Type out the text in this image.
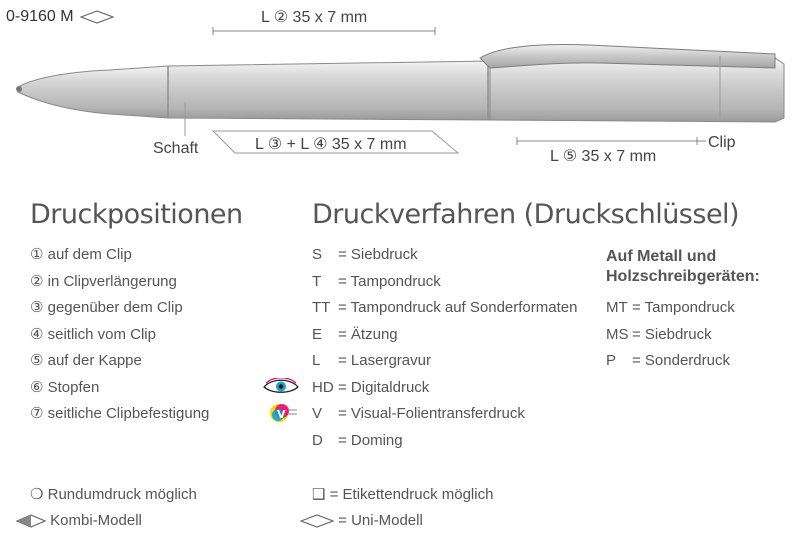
0-9160 M	L ② 35 x 7 mm
Schaft	L ③ + L ④ 35 x 7 mm	Clip
L ⑤ 35 x 7 mm
Druckpositionen
① auf dem Clip
② in Clipverlängerung
③ gegenüber dem Clip
④ seitlich vom Clip
⑤ auf der Kappe
⑥ Stopfen
⑦ seitliche Clipbefestigung
Druckverfahren (Druckschlüssel)
S = Siebdruck
T = Tampondruck
TT = Tampondruck auf Sonderformaten
E = Ätzung
L = Lasergravur
HD = Digitaldruck
V = Visual-Folientransferdruck
D = Doming
V
Auf Metall und
Holzschreibgeräten:
MT = Tampondruck
MS = Siebdruck
P = Sonderdruck
❍ Rundumdruck möglich
Kombi-Modell
❑ = Etikettendruck möglich
= Uni-Modell
